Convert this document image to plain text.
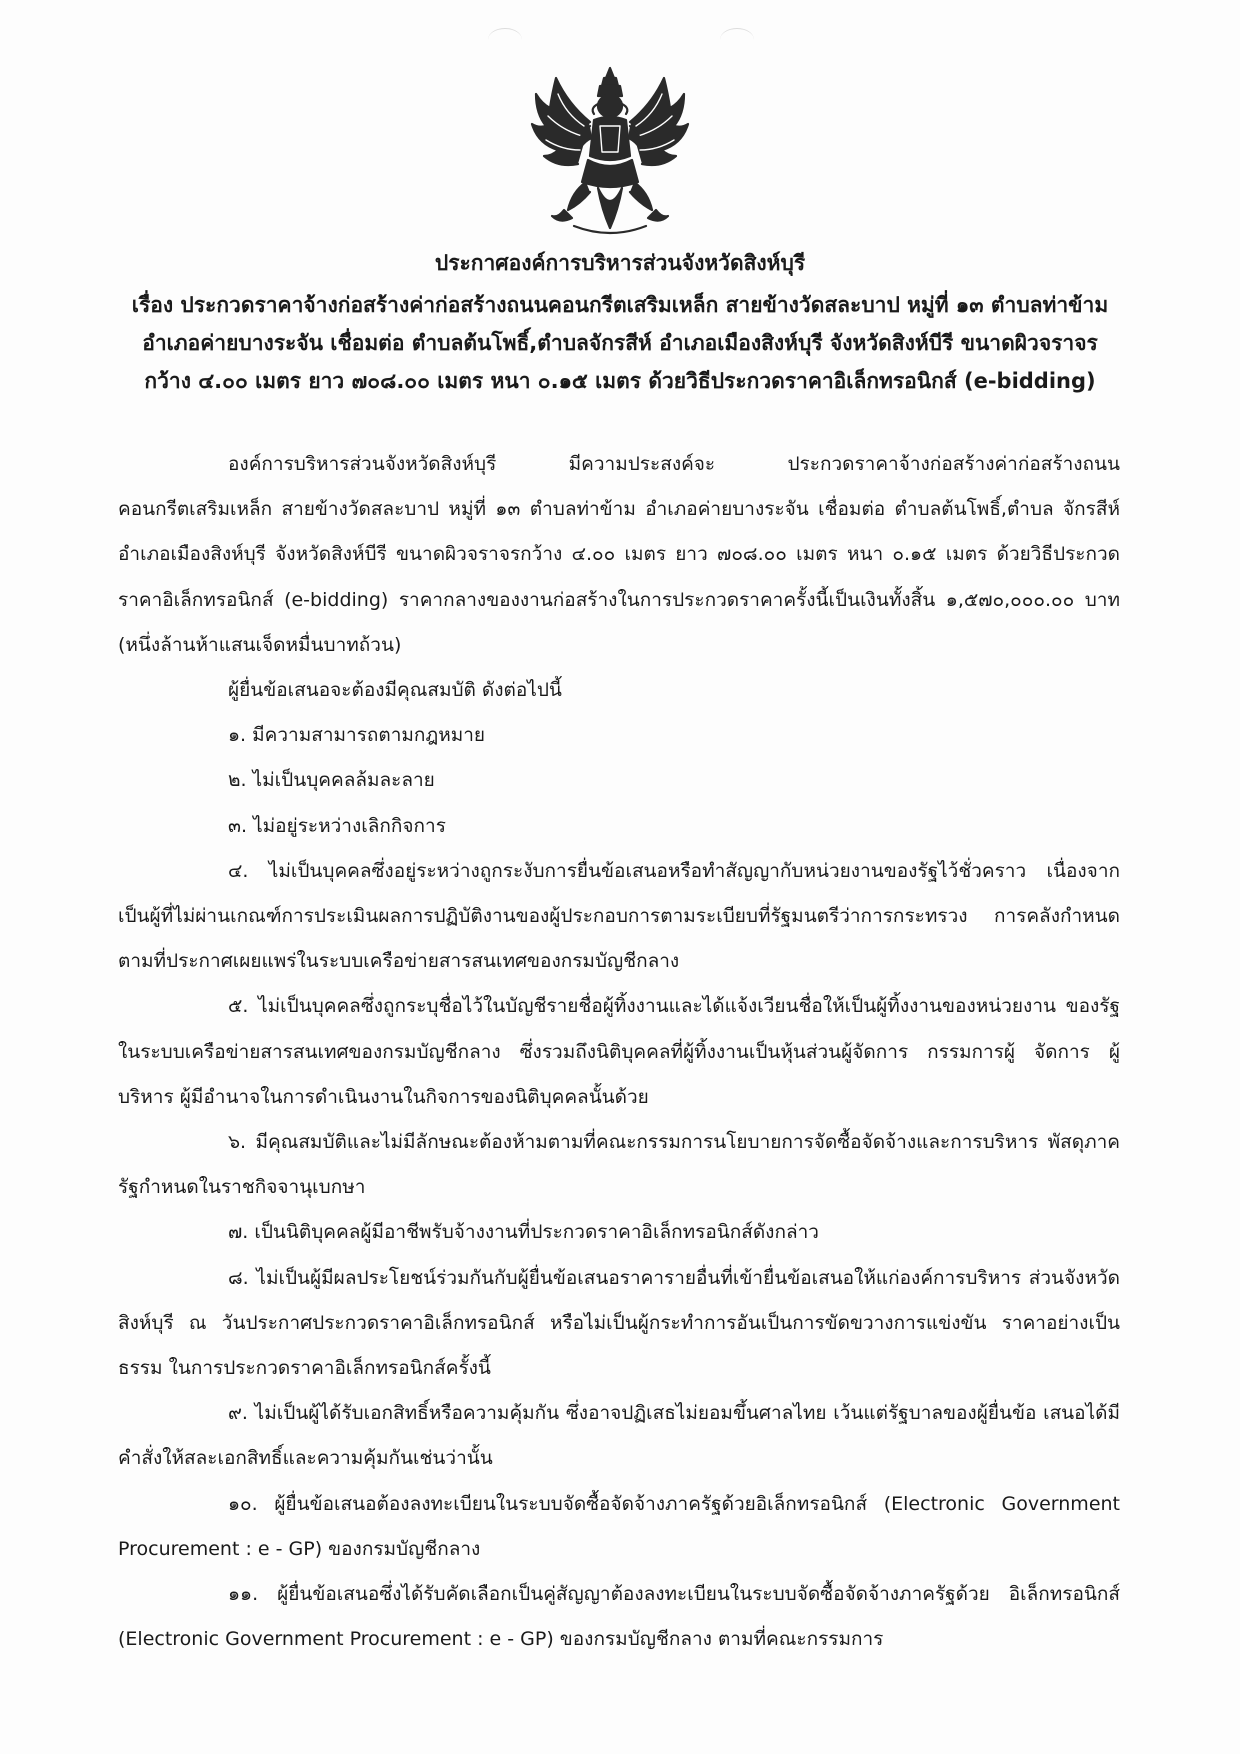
ประกาศองค์การบริหารส่วนจังหวัดสิงห์บุรี
เรื่อง ประกวดราคาจ้างก่อสร้างค่าก่อสร้างถนนคอนกรีตเสริมเหล็ก สายข้างวัดสละบาป หมู่ที่ ๑๓ ตำบลท่าข้าม
อำเภอค่ายบางระจัน เชื่อมต่อ ตำบลต้นโพธิ์,ตำบลจักรสีห์ อำเภอเมืองสิงห์บุรี จังหวัดสิงห์บีรี ขนาดผิวจราจร
กว้าง ๔.๐๐ เมตร ยาว ๗๐๘.๐๐ เมตร หนา ๐.๑๕ เมตร ด้วยวิธีประกวดราคาอิเล็กทรอนิกส์ (e-bidding)

องค์การบริหารส่วนจังหวัดสิงห์บุรี มีความประสงค์จะ ประกวดราคาจ้างก่อสร้างค่าก่อสร้างถนน คอนกรีตเสริมเหล็ก สายข้างวัดสละบาป หมู่ที่ ๑๓ ตำบลท่าข้าม อำเภอค่ายบางระจัน เชื่อมต่อ ตำบลต้นโพธิ์,ตำบล จักรสีห์ อำเภอเมืองสิงห์บุรี จังหวัดสิงห์บีรี ขนาดผิวจราจรกว้าง ๔.๐๐ เมตร ยาว ๗๐๘.๐๐ เมตร หนา ๐.๑๕ เมตร ด้วยวิธีประกวดราคาอิเล็กทรอนิกส์ (e-bidding) ราคากลางของงานก่อสร้างในการประกวดราคาครั้งนี้เป็นเงินทั้งสิ้น ๑,๕๗๐,๐๐๐.๐๐ บาท (หนึ่งล้านห้าแสนเจ็ดหมื่นบาทถ้วน)

ผู้ยื่นข้อเสนอจะต้องมีคุณสมบัติ ดังต่อไปนี้

๑. มีความสามารถตามกฎหมาย

๒. ไม่เป็นบุคคลล้มละลาย

๓. ไม่อยู่ระหว่างเลิกกิจการ

๔. ไม่เป็นบุคคลซึ่งอยู่ระหว่างถูกระงับการยื่นข้อเสนอหรือทำสัญญากับหน่วยงานของรัฐไว้ชั่วคราว เนื่องจากเป็นผู้ที่ไม่ผ่านเกณฑ์การประเมินผลการปฏิบัติงานของผู้ประกอบการตามระเบียบที่รัฐมนตรีว่าการกระทรวง การคลังกำหนดตามที่ประกาศเผยแพร่ในระบบเครือข่ายสารสนเทศของกรมบัญชีกลาง

๕. ไม่เป็นบุคคลซึ่งถูกระบุชื่อไว้ในบัญชีรายชื่อผู้ทิ้งงานและได้แจ้งเวียนชื่อให้เป็นผู้ทิ้งงานของหน่วยงาน ของรัฐในระบบเครือข่ายสารสนเทศของกรมบัญชีกลาง ซึ่งรวมถึงนิติบุคคลที่ผู้ทิ้งงานเป็นหุ้นส่วนผู้จัดการ กรรมการผู้ จัดการ ผู้บริหาร ผู้มีอำนาจในการดำเนินงานในกิจการของนิติบุคคลนั้นด้วย

๖. มีคุณสมบัติและไม่มีลักษณะต้องห้ามตามที่คณะกรรมการนโยบายการจัดซื้อจัดจ้างและการบริหาร พัสดุภาครัฐกำหนดในราชกิจจานุเบกษา

๗. เป็นนิติบุคคลผู้มีอาชีพรับจ้างงานที่ประกวดราคาอิเล็กทรอนิกส์ดังกล่าว

๘. ไม่เป็นผู้มีผลประโยชน์ร่วมกันกับผู้ยื่นข้อเสนอราคารายอื่นที่เข้ายื่นข้อเสนอให้แก่องค์การบริหาร ส่วนจังหวัดสิงห์บุรี ณ วันประกาศประกวดราคาอิเล็กทรอนิกส์ หรือไม่เป็นผู้กระทำการอันเป็นการขัดขวางการแข่งขัน ราคาอย่างเป็นธรรม ในการประกวดราคาอิเล็กทรอนิกส์ครั้งนี้

๙. ไม่เป็นผู้ได้รับเอกสิทธิ์หรือความคุ้มกัน ซึ่งอาจปฏิเสธไม่ยอมขึ้นศาลไทย เว้นแต่รัฐบาลของผู้ยื่นข้อ เสนอได้มีคำสั่งให้สละเอกสิทธิ์และความคุ้มกันเช่นว่านั้น

๑๐. ผู้ยื่นข้อเสนอต้องลงทะเบียนในระบบจัดซื้อจัดจ้างภาครัฐด้วยอิเล็กทรอนิกส์ (Electronic Government Procurement : e - GP) ของกรมบัญชีกลาง

๑๑. ผู้ยื่นข้อเสนอซึ่งได้รับคัดเลือกเป็นคู่สัญญาต้องลงทะเบียนในระบบจัดซื้อจัดจ้างภาครัฐด้วย อิเล็กทรอนิกส์ (Electronic Government Procurement : e - GP) ของกรมบัญชีกลาง ตามที่คณะกรรมการ
